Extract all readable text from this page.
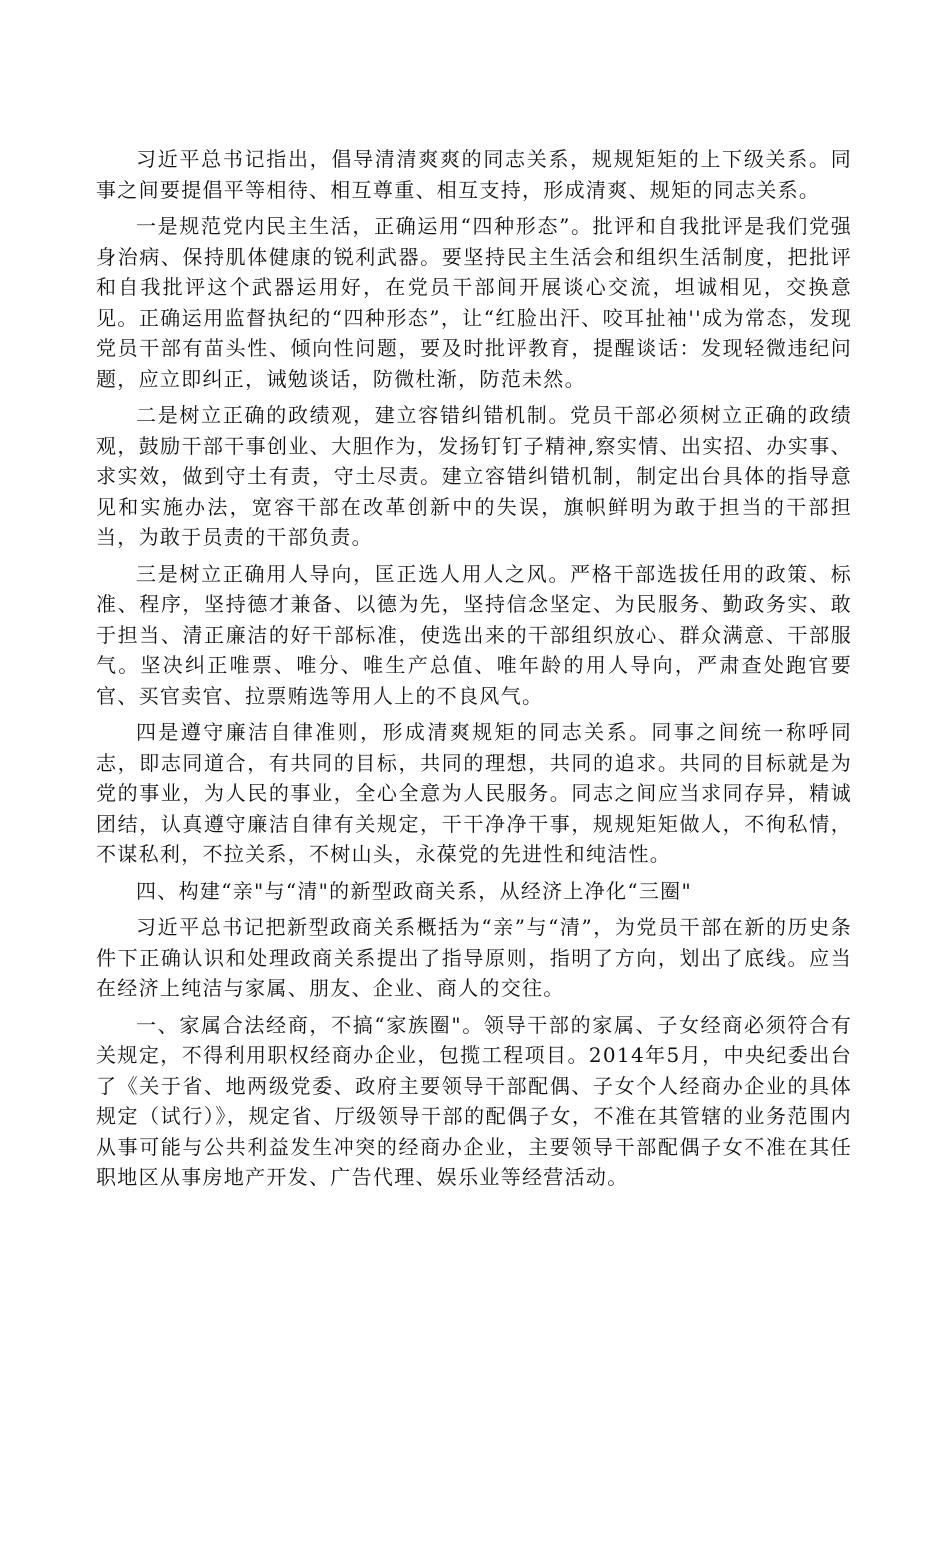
习近平总书记指出，倡导清清爽爽的同志关系，规规矩矩的上下级关系。同事之间要提倡平等相待、相互尊重、相互支持，形成清爽、规矩的同志关系。

一是规范党内民主生活，正确运用“四种形态”。批评和自我批评是我们党强身治病、保持肌体健康的锐利武器。要坚持民主生活会和组织生活制度，把批评和自我批评这个武器运用好，在党员干部间开展谈心交流，坦诚相见，交换意见。正确运用监督执纪的“四种形态”，让“红脸出汗、咬耳扯袖''成为常态，发现党员干部有苗头性、倾向性问题，要及时批评教育，提醒谈话：发现轻微违纪问题，应立即纠正，诫勉谈话，防微杜渐，防范未然。

二是树立正确的政绩观，建立容错纠错机制。党员干部必须树立正确的政绩观，鼓励干部干事创业、大胆作为，发扬钉钉子精神,察实情、出实招、办实事、求实效，做到守土有责，守土尽责。建立容错纠错机制，制定出台具体的指导意见和实施办法，宽容干部在改革创新中的失误，旗帜鲜明为敢于担当的干部担当，为敢于员责的干部负责。

三是树立正确用人导向，匡正选人用人之风。严格干部选拔任用的政策、标准、程序，坚持德才兼备、以德为先，坚持信念坚定、为民服务、勤政务实、敢于担当、清正廉洁的好干部标准，使选出来的干部组织放心、群众满意、干部服气。坚决纠正唯票、唯分、唯生产总值、唯年龄的用人导向，严肃查处跑官要官、买官卖官、拉票贿选等用人上的不良风气。

四是遵守廉洁自律准则，形成清爽规矩的同志关系。同事之间统一称呼同志，即志同道合，有共同的目标，共同的理想，共同的追求。共同的目标就是为党的事业，为人民的事业，全心全意为人民服务。同志之间应当求同存异，精诚团结，认真遵守廉洁自律有关规定，干干净净干事，规规矩矩做人，不徇私情，不谋私利，不拉关系，不树山头，永葆党的先进性和纯洁性。

四、构建“亲"与“清"的新型政商关系，从经济上净化“三圈"

习近平总书记把新型政商关系概括为“亲”与“清”，为党员干部在新的历史条件下正确认识和处理政商关系提出了指导原则，指明了方向，划出了底线。应当在经济上纯洁与家属、朋友、企业、商人的交往。

一、家属合法经商，不搞“家族圈"。领导干部的家属、子女经商必须符合有关规定，不得利用职权经商办企业，包揽工程项目。2014年5月，中央纪委出台了《关于省、地两级党委、政府主要领导干部配偶、子女个人经商办企业的具体规定（试行）》，规定省、厅级领导干部的配偶子女，不准在其管辖的业务范围内从事可能与公共利益发生冲突的经商办企业，主要领导干部配偶子女不准在其任职地区从事房地产开发、广告代理、娱乐业等经营活动。
